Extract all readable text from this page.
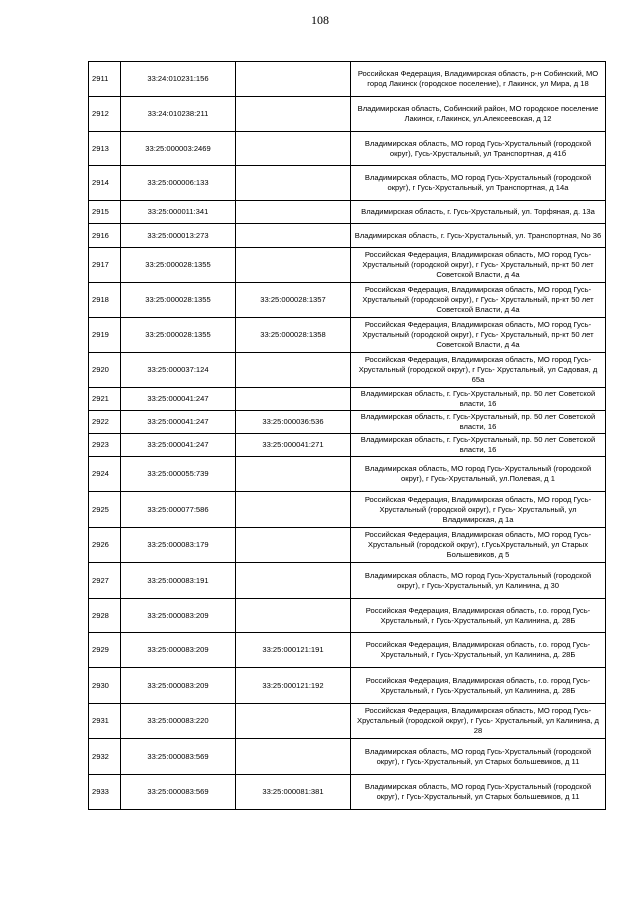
108
2911	33:24:010231:156		Российская Федерация, Владимирская область, р-н Собинский, МО город Лакинск (городское поселение), г Лакинск, ул Мира, д 18
2912	33:24:010238:211		Владимирская область, Собинский район, МО городское поселение Лакинск, г.Лакинск, ул.Алексеевская, д 12
2913	33:25:000003:2469		Владимирская область, МО город Гусь-Хрустальный (городской округ), Гусь-Хрустальный, ул Транспортная, д 41б
2914	33:25:000006:133		Владимирская область, МО город Гусь-Хрустальный (городской округ), г Гусь-Хрустальный, ул Транспортная, д 14а
2915	33:25:000011:341		Владимирская область, г. Гусь-Хрустальный, ул. Торфяная, д. 13а
2916	33:25:000013:273		Владимирская область, г. Гусь-Хрустальный, ул. Транспортная, No 36
2917	33:25:000028:1355		Российская Федерация, Владимирская область, МО город Гусь-Хрустальный (городской округ), г Гусь- Хрустальный, пр-кт 50 лет Советской Власти, д 4а
2918	33:25:000028:1355	33:25:000028:1357	Российская Федерация, Владимирская область, МО город Гусь-Хрустальный (городской округ), г Гусь- Хрустальный, пр-кт 50 лет Советской Власти, д 4а
2919	33:25:000028:1355	33:25:000028:1358	Российская Федерация, Владимирская область, МО город Гусь-Хрустальный (городской округ), г Гусь- Хрустальный, пр-кт 50 лет Советской Власти, д 4а
2920	33:25:000037:124		Российская Федерация, Владимирская область, МО город Гусь-Хрустальный (городской округ), г Гусь- Хрустальный, ул Садовая, д 65а
2921	33:25:000041:247		Владимирская область, г. Гусь-Хрустальный, пр. 50 лет Советской власти, 16
2922	33:25:000041:247	33:25:000036:536	Владимирская область, г. Гусь-Хрустальный, пр. 50 лет Советской власти, 16
2923	33:25:000041:247	33:25:000041:271	Владимирская область, г. Гусь-Хрустальный, пр. 50 лет Советской власти, 16
2924	33:25:000055:739		Владимирская область, МО город Гусь-Хрустальный (городской округ), г Гусь-Хрустальный, ул.Полевая, д 1
2925	33:25:000077:586		Российская Федерация, Владимирская область, МО город Гусь-Хрустальный (городской округ), г Гусь- Хрустальный, ул Владимирская, д 1а
2926	33:25:000083:179		Российская Федерация, Владимирская область, МО город Гусь-Хрустальный (городской округ), г.ГусьХрустальный, ул Старых Большевиков, д 5
2927	33:25:000083:191		Владимирская область, МО город Гусь-Хрустальный (городской округ), г Гусь-Хрустальный, ул Калинина, д 30
2928	33:25:000083:209		Российская Федерация, Владимирская область, г.о. город Гусь-Хрустальный, г Гусь-Хрустальный, ул Калинина, д. 28Б
2929	33:25:000083:209	33:25:000121:191	Российская Федерация, Владимирская область, г.о. город Гусь-Хрустальный, г Гусь-Хрустальный, ул Калинина, д. 28Б
2930	33:25:000083:209	33:25:000121:192	Российская Федерация, Владимирская область, г.о. город Гусь-Хрустальный, г Гусь-Хрустальный, ул Калинина, д. 28Б
2931	33:25:000083:220		Российская Федерация, Владимирская область, МО город Гусь-Хрустальный (городской округ), г Гусь- Хрустальный, ул Калинина, д 28
2932	33:25:000083:569		Владимирская область, МО город Гусь-Хрустальный (городской округ), г Гусь-Хрустальный, ул Старых большевиков, д 11
2933	33:25:000083:569	33:25:000081:381	Владимирская область, МО город Гусь-Хрустальный (городской округ), г Гусь-Хрустальный, ул Старых большевиков, д 11
